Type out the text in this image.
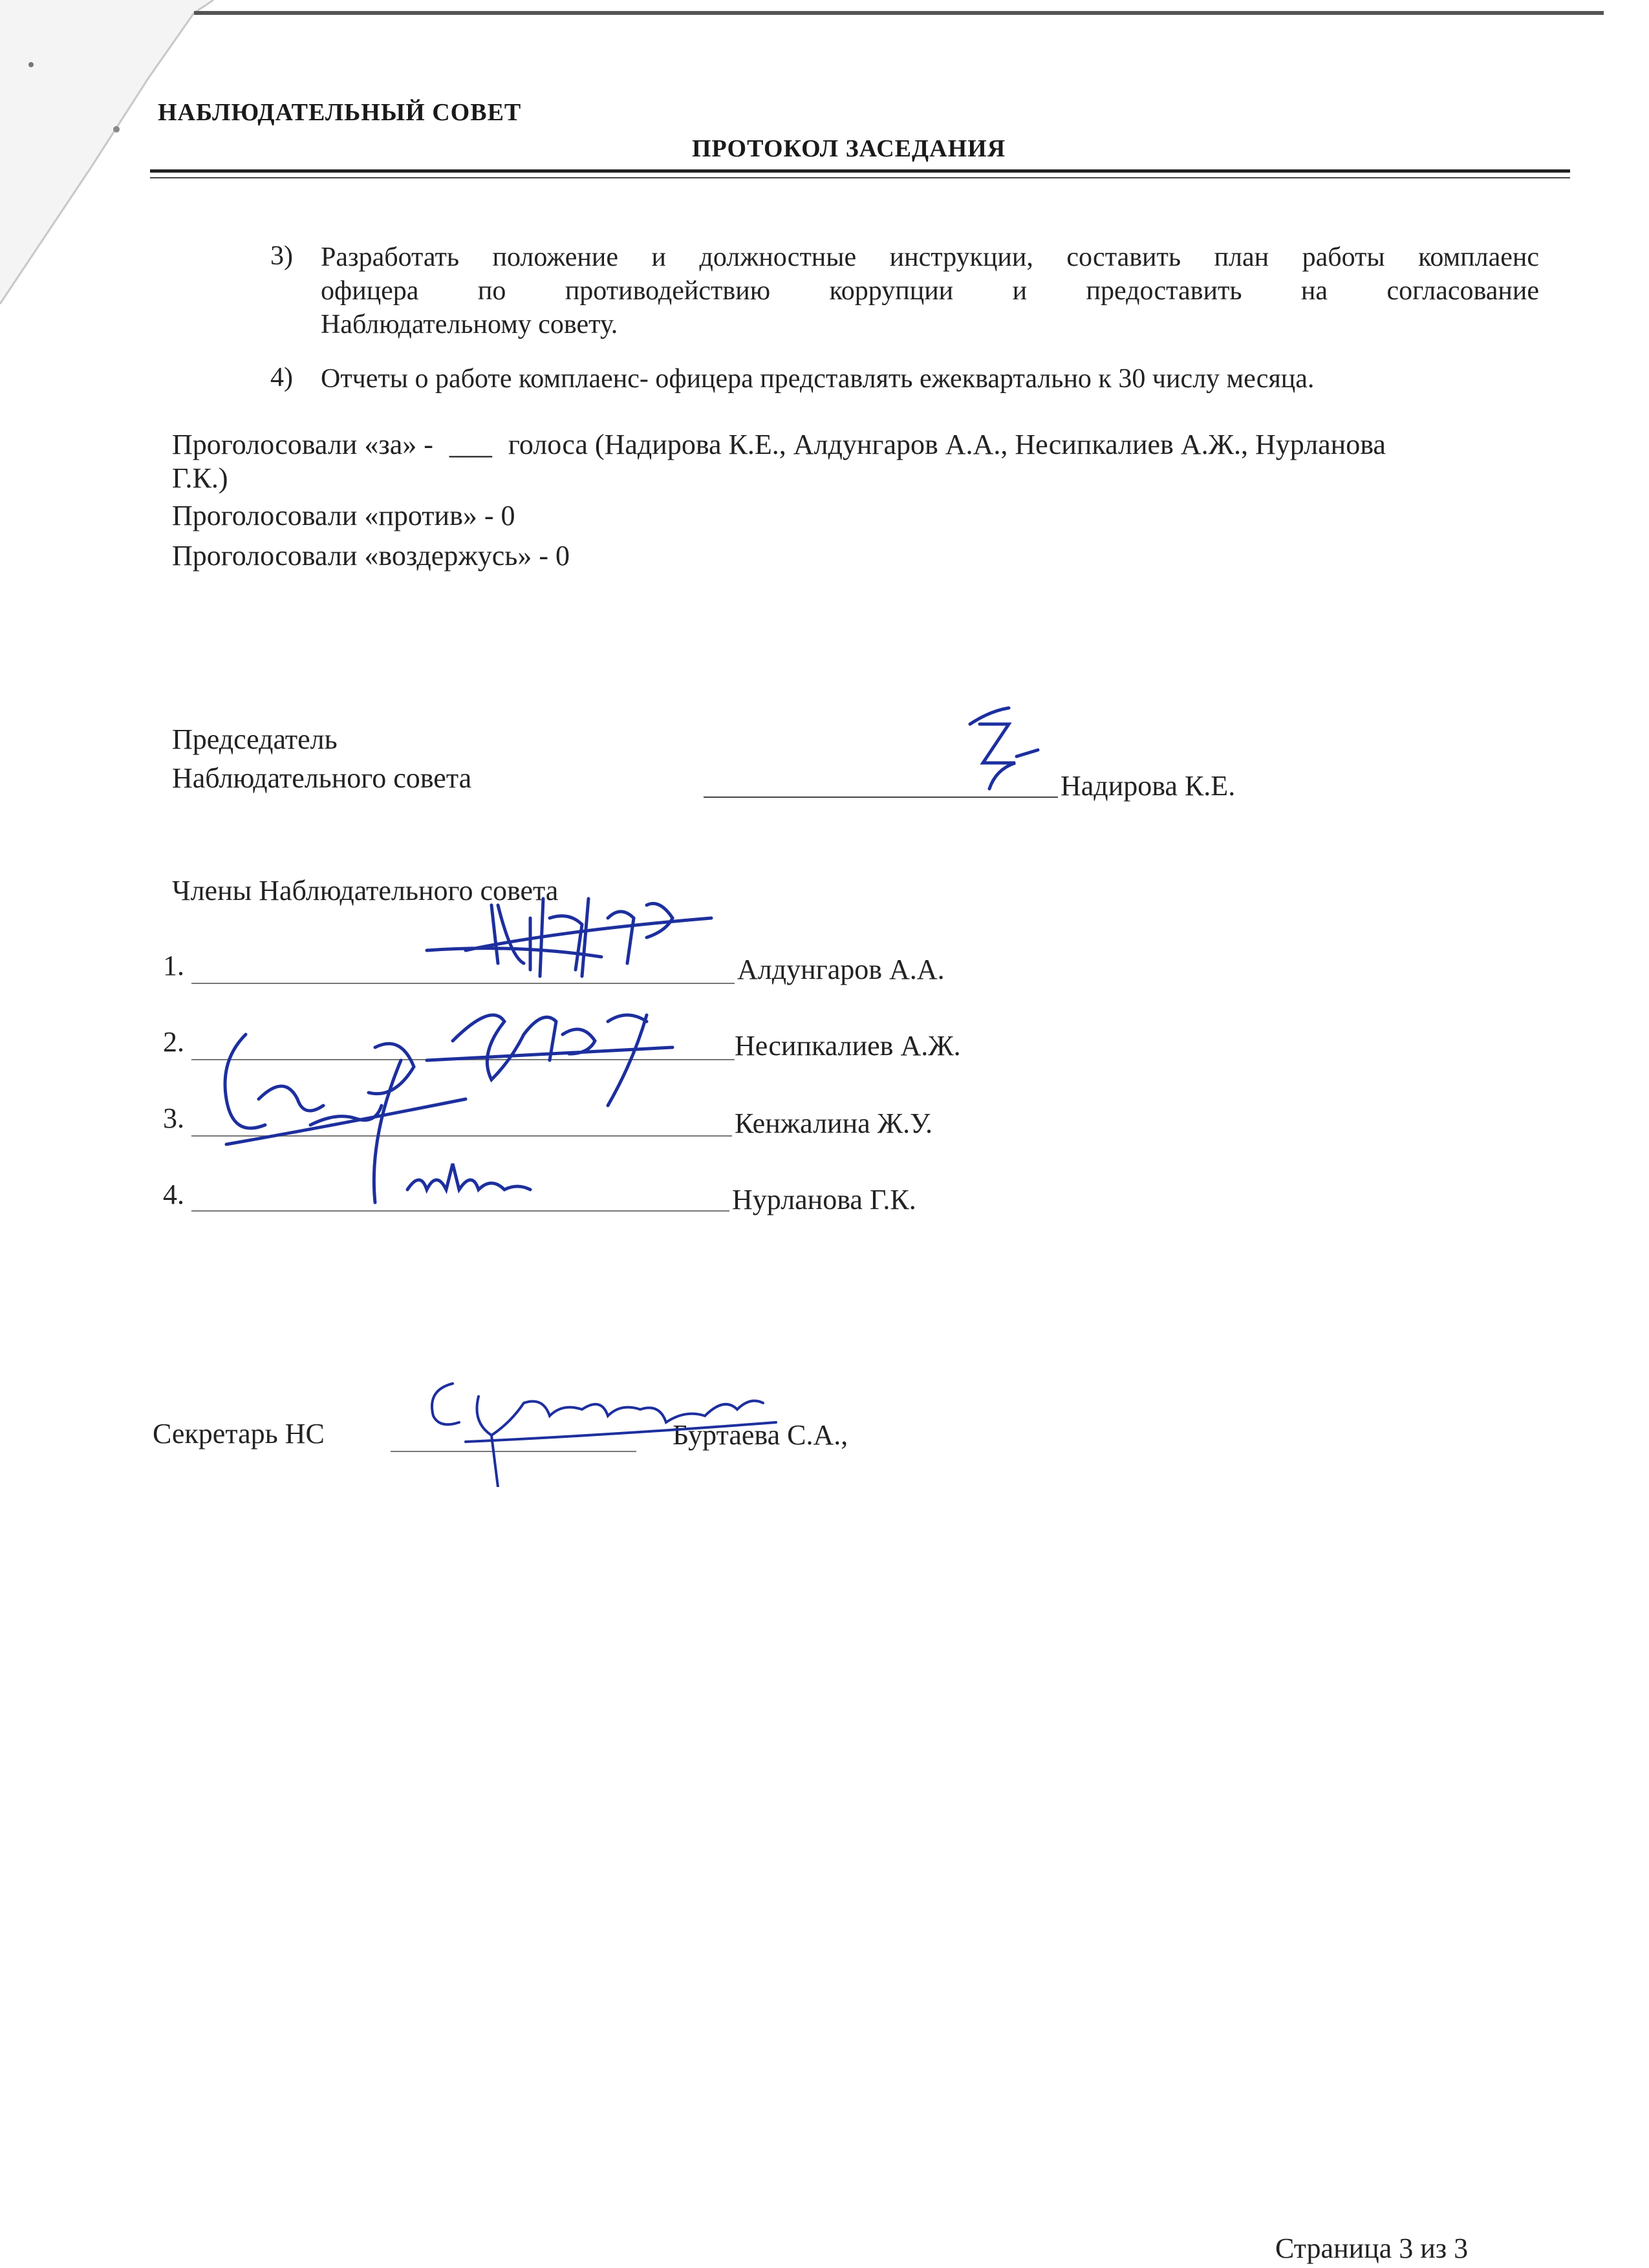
НАБЛЮДАТЕЛЬНЫЙ СОВЕТ
ПРОТОКОЛ ЗАСЕДАНИЯ
3) Разработать положение и должностные инструкции, составить план работы комплаенс
офицера по противодействию коррупции и предоставить на согласование
Наблюдательному совету.
4) Отчеты о работе комплаенс- офицера представлять ежеквартально к 30 числу месяца.
Проголосовали «за» - ___ голоса (Надирова К.Е., Алдунгаров А.А., Несипкалиев А.Ж., Нурланова
Г.К.)
Проголосовали «против» - 0
Проголосовали «воздержусь» - 0
Председатель
Наблюдательного совета	Надирова К.Е.
Члены Наблюдательного совета
1.	Алдунгаров А.А.
2.	Несипкалиев А.Ж.
3.	Кенжалина Ж.У.
4.	Нурланова Г.К.
Секретарь НС	Буртаева С.А.,
Страница 3 из 3
